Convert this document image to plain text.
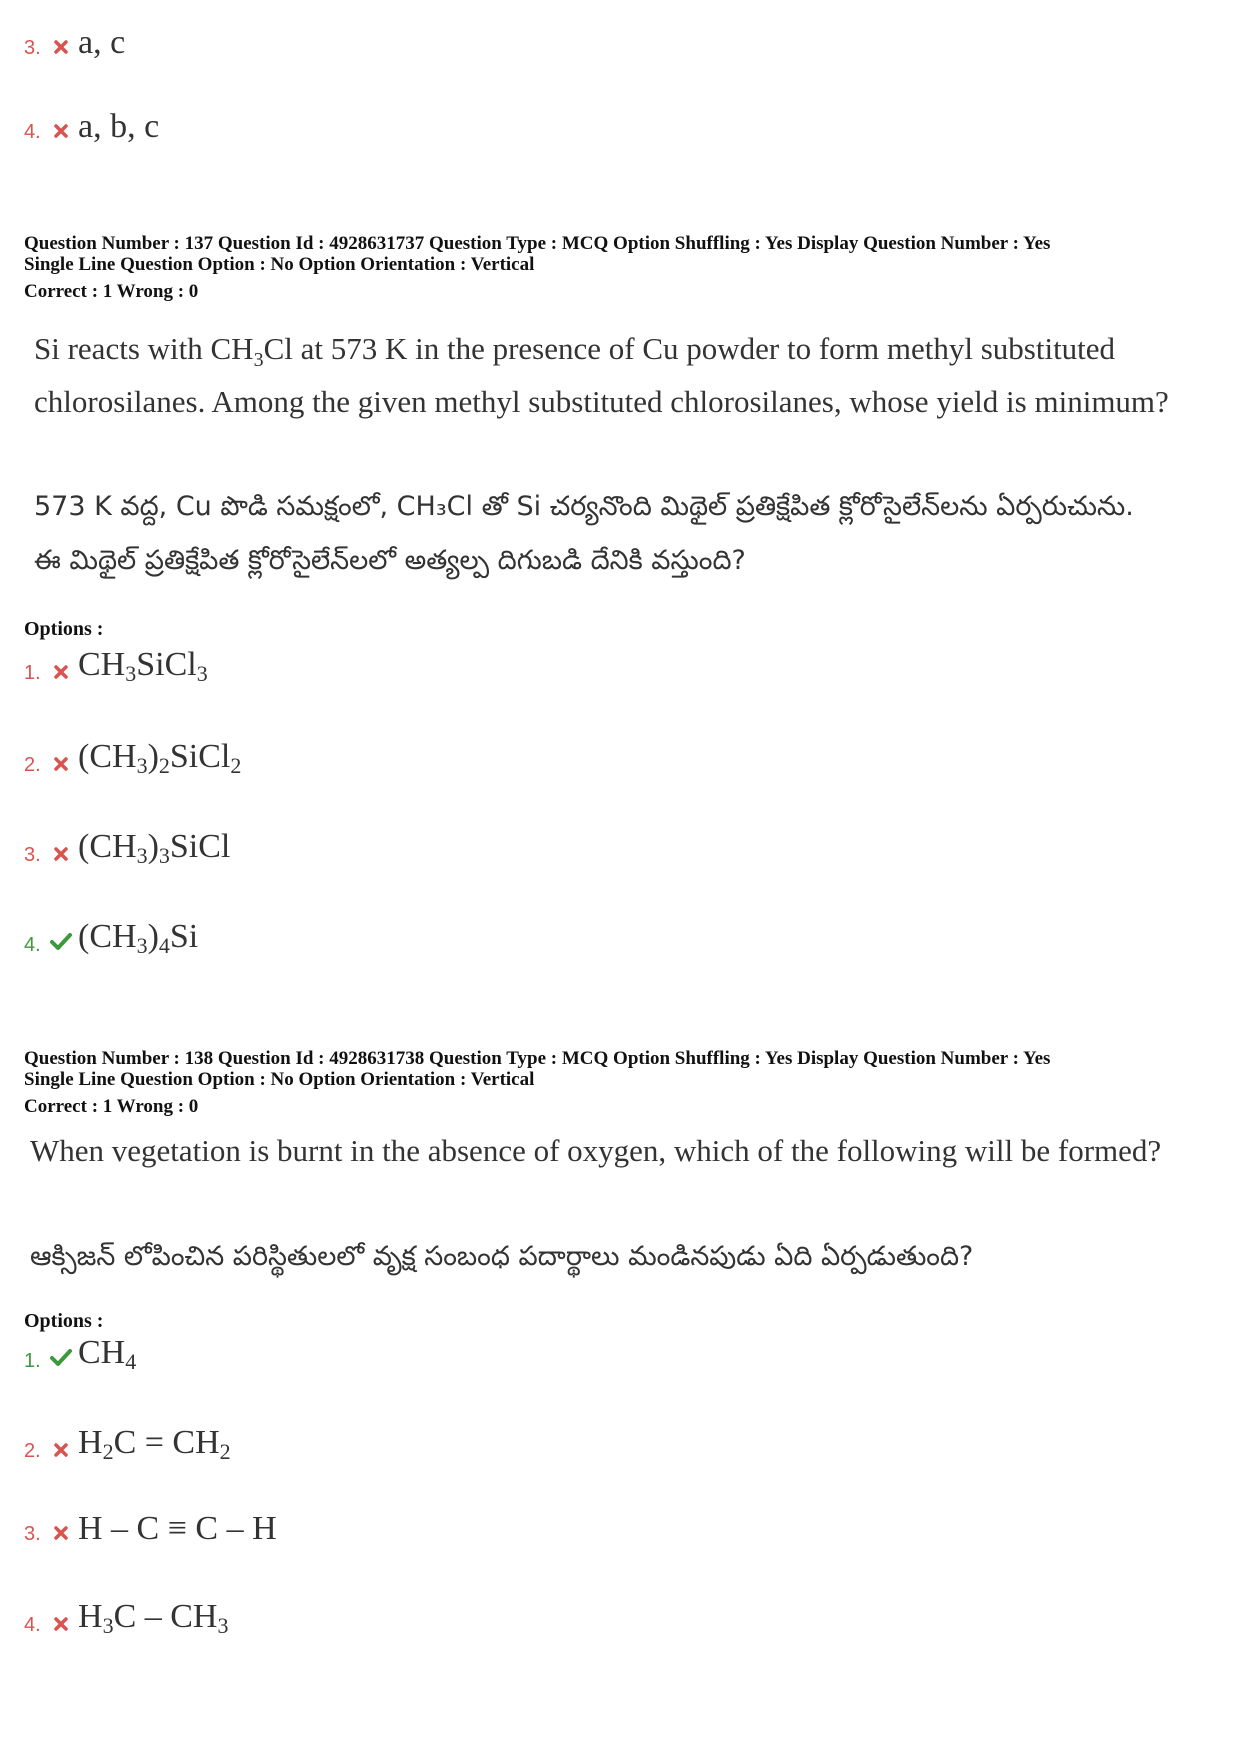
3. a, c
4. a, b, c
Question Number : 137 Question Id : 4928631737 Question Type : MCQ Option Shuffling : Yes Display Question Number : Yes
Single Line Question Option : No Option Orientation : Vertical
Correct : 1 Wrong : 0
Si reacts with $CH_3Cl$ at 573 K in the presence of Cu powder to form methyl substituted
chlorosilanes. Among the given methyl substituted chlorosilanes, whose yield is minimum?
573 K వద్ద, Cu పొడి సమక్షంలో, CH₃Cl తో Si చర్యనొంది మిథైల్ ప్రతిక్షేపిత క్లోరోసైలేన్‌లను ఏర్పరుచును.
ఈ మిథైల్ ప్రతిక్షేపిత క్లోరోసైలేన్‌లలో అత్యల్ప దిగుబడి దేనికి వస్తుంది?
Options :
1. $CH_3SiCl_3$
2. $(CH_3)_2SiCl_2$
3. $(CH_3)_3SiCl$
4. $(CH_3)_4Si$
Question Number : 138 Question Id : 4928631738 Question Type : MCQ Option Shuffling : Yes Display Question Number : Yes
Single Line Question Option : No Option Orientation : Vertical
Correct : 1 Wrong : 0
When vegetation is burnt in the absence of oxygen, which of the following will be formed?
ఆక్సిజన్ లోపించిన పరిస్థితులలో వృక్ష సంబంధ పదార్థాలు మండినపుడు ఏది ఏర్పడుతుంది?
Options :
1. $CH_4$
2. $H_2C = CH_2$
3. H – C ≡ C – H
4. $H_3C - CH_3$
